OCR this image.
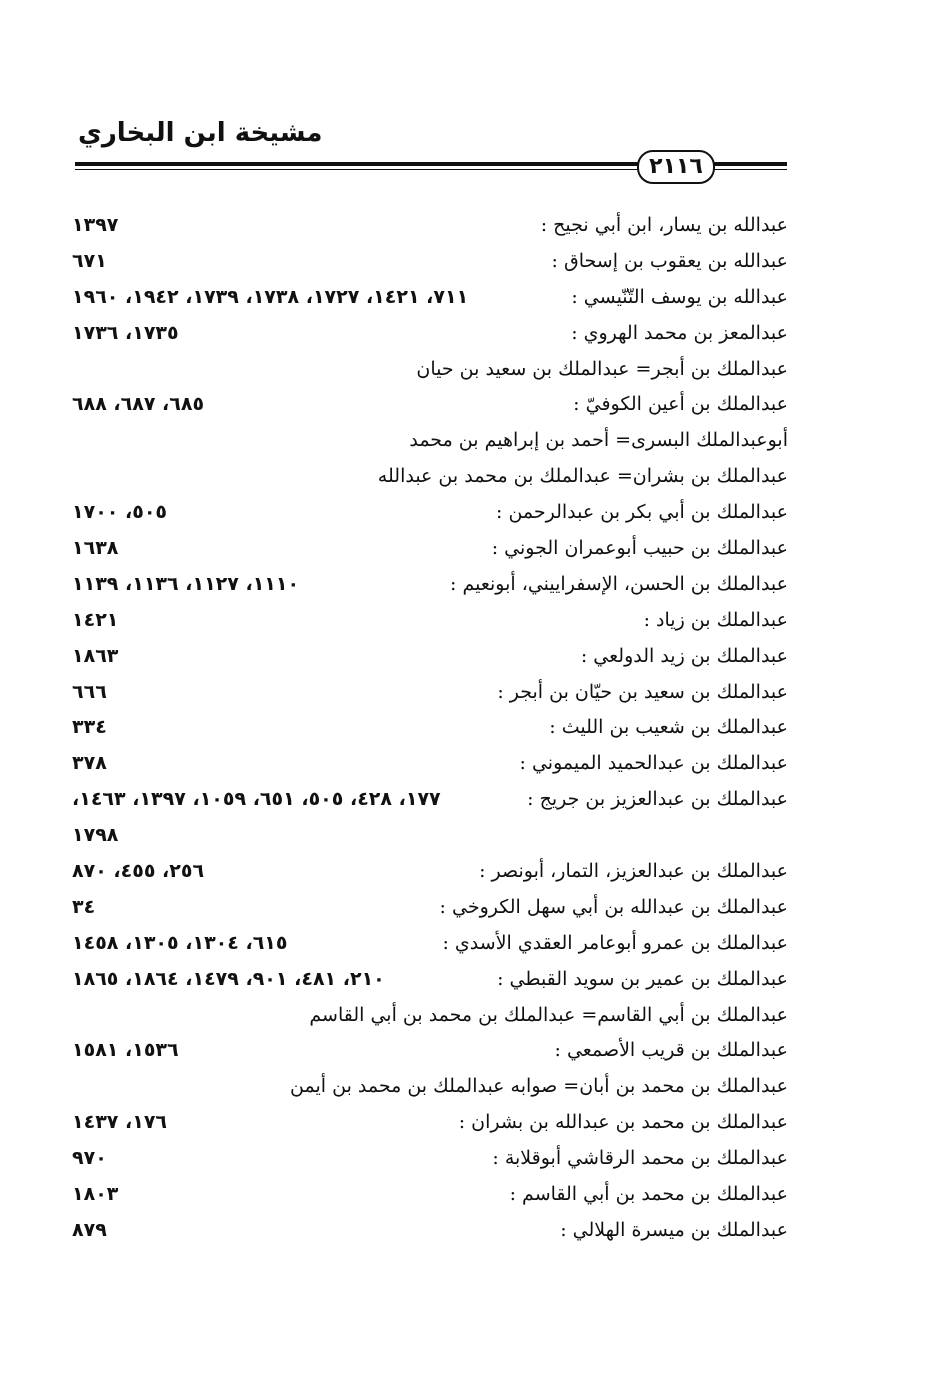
مشيخة ابن البخاري
٢١١٦
عبدالله بن يسار، ابن أبي نجيح :
١٣٩٧
عبدالله بن يعقوب بن إسحاق :
٦٧١
عبدالله بن يوسف التّنّيسي :
٧١١، ١٤٢١، ١٧٢٧، ١٧٣٨، ١٧٣٩، ١٩٤٢، ١٩٦٠
عبدالمعز بن محمد الهروي :
١٧٣٥، ١٧٣٦
عبدالملك بن أبجر= عبدالملك بن سعيد بن حيان
عبدالملك بن أعين الكوفيّ :
٦٨٥، ٦٨٧، ٦٨٨
أبوعبدالملك البسرى= أحمد بن إبراهيم بن محمد
عبدالملك بن بشران= عبدالملك بن محمد بن عبدالله
عبدالملك بن أبي بكر بن عبدالرحمن :
٥٠٥، ١٧٠٠
عبدالملك بن حبيب أبوعمران الجوني :
١٦٣٨
عبدالملك بن الحسن، الإسفراييني، أبونعيم :
١١١٠، ١١٢٧، ١١٣٦، ١١٣٩
عبدالملك بن زياد :
١٤٢١
عبدالملك بن زيد الدولعي :
١٨٦٣
عبدالملك بن سعيد بن حيّان بن أبجر :
٦٦٦
عبدالملك بن شعيب بن الليث :
٣٣٤
عبدالملك بن عبدالحميد الميموني :
٣٧٨
عبدالملك بن عبدالعزيز بن جريج :
١٧٧، ٤٢٨، ٥٠٥، ٦٥١، ١٠٥٩، ١٣٩٧، ١٤٦٣،
١٧٩٨
عبدالملك بن عبدالعزيز، التمار، أبونصر :
٢٥٦، ٤٥٥، ٨٧٠
عبدالملك بن عبدالله بن أبي سهل الكروخي :
٣٤
عبدالملك بن عمرو أبوعامر العقدي الأسدي :
٦١٥، ١٣٠٤، ١٣٠٥، ١٤٥٨
عبدالملك بن عمير بن سويد القبطي :
٢١٠، ٤٨١، ٩٠١، ١٤٧٩، ١٨٦٤، ١٨٦٥
عبدالملك بن أبي القاسم= عبدالملك بن محمد بن أبي القاسم
عبدالملك بن قريب الأصمعي :
١٥٣٦، ١٥٨١
عبدالملك بن محمد بن أبان= صوابه عبدالملك بن محمد بن أيمن
عبدالملك بن محمد بن عبدالله بن بشران :
١٧٦، ١٤٣٧
عبدالملك بن محمد الرقاشي أبوقلابة :
٩٧٠
عبدالملك بن محمد بن أبي القاسم :
١٨٠٣
عبدالملك بن ميسرة الهلالي :
٨٧٩
